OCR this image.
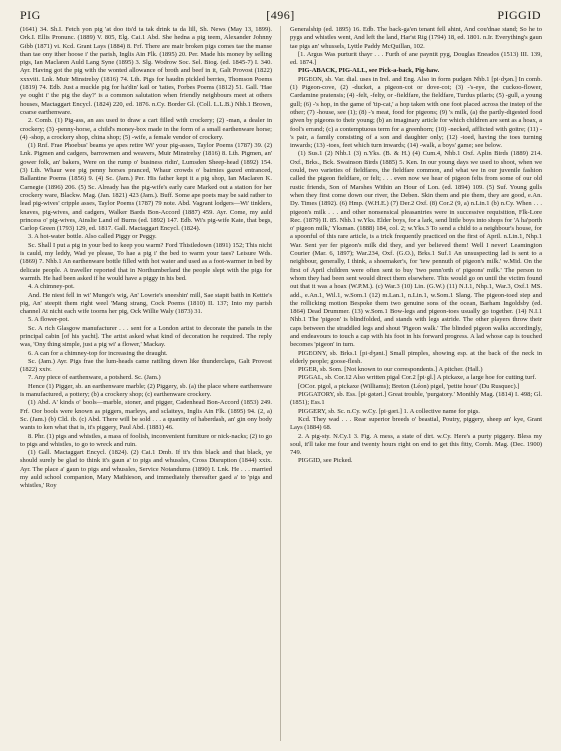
PIG	[496]	PIGGID

(1641) 34. Sh.I. Fetch yon pig 'at doo its'd ta tak drink ta da lill, Sh. News (May 13, 1899). Ork.I. Ellis Pronunc. (1889) V. 805, Elg. Cai.1 Abd. She hedna a pig teem, Alexander Johnny Gibb (1871) vi. Kcd. Grant Lays (1884) 8. Frf. There are mair broken pigs comes tae the manse than tae ony ither hoose i' the parish, Inglis Ain Flk. (1895) 20. Per. Made his money by selling pigs, Ian Maclaren Auld Lang Syne (1895) 3. Slg. Wodrow Soc. Sel. Biog. (ed. 1845-7) I. 340. Ayr. Having got the pig with the wonted allowance of broth and beef in it, Galt Provost (1822) xxxviii. Lnk. Muir Minstrelsy (1816) 74. Lth. Pigs for haudin pickled berries, Thomson Poems (1819) 74. Edb. Just a muckle pig for ha'din' kail or 'taties, Forbes Poems (1812) 51. Gall. 'Hae ye ought i' the pig the day?' is a common salutation when friendly neighbours meet at others houses, Mactaggart Encycl. (1824) 220, ed. 1876. n.Cy. Border Gl. (Coll. L.L.B.) Nhb.1 Brown, coarse earthenware.

2. Comb. (1) Pig-ass, an ass used to draw a cart filled with crockery; (2) -man, a dealer in crockery; (3) -penny-horse, a child's money-box made in the form of a small earthenware horse; (4) -shop, a crockery shop, china shop; (5) -wife, a female vendor of crockery.

(1) Rnf. Frae Phoebus' beams ye apes retire Wi' your pig-asses, Taylor Poems (1787) 39. (2) Lnk. Pigmen and cadgers, barrowmen and weavers, Muir Minstrelsy (1816) 8. Lth. Pigmen, an' gower folk, an' bakers, Were on the rump o' business ridin', Lumsden Sheep-head (1892) 154. (3) Lth. Whaur wee pig penny horses pranced, Whaur crowds o' bairnies gazed entranced, Ballantine Poems (1856) 9. (4) Sc. (Jam.) Per. His father kept it a pig shop, Ian Maclaren K. Carnegie (1896) 206. (5) Sc. Already has the pig-wife's early care Marked out a station for her crockery ware, Blackw. Mag. (Jan. 1821) 423 (Jam.). Buff. Some ape poets may be said rather to lead pig-wives' cripple asses, Taylor Poems (1787) 79 note. Abd. Vagrant lodgers—Wi' tinklers, knaves, pig-wives, and cadgers, Walker Bards Bon-Accord (1887) 459. Ayr. Come, my auld princess o' pig-wives, Ainslie Land of Burns (ed. 1892) 147. Edb. Wi's pig-wife Kate, that begs, Carlop Green (1793) 129, ed. 1817. Gall. Mactaggart Encycl. (1824).

3. A hot-water bottle. Also called Piggy or Peggy.

Sc. Shall I put a pig in your bed to keep you warm? Ford Thistledown (1891) 152; This nicht is cauld, my leddy, Wad ye please, To hae a pig i' the bed to warm your taes? Leisure Wds. (1869) 7. Nhb.1 An earthenware bottle filled with hot water and used as a foot-warmer in bed by delicate people. A traveller reported that in Northumberland the people slept with the pigs for warmth. He had been asked if he would have a piggy in his bed.

4. A chimney-pot.

And. He niest fell in wi' Mungo's wig, An' Lowrie's sneeshin' mill, Sae stapit baith in Kettie's pig, An' steepit them right weel 'Mang strang, Cock Poems (1810) II. 137; Into my parish channel At nicht each wife toorns her pig, Ock Willie Waly (1873) 31.

5. A flower-pot.

Sc. A rich Glasgow manufacturer . . . sent for a London artist to decorate the panels in the principal cabin [of his yacht]. The artist asked what kind of decoration he required. The reply was, 'Ony thing simple, just a pig wi' a flower,' Mackay.

6. A can for a chimney-top for increasing the draught.

Sc. (Jam.) Ayr. Pigs frae the lum-heads came rattling down like thunderclaps, Galt Provost (1822) xxiv.

7. Any piece of earthenware, a potsherd. Sc. (Jam.)

Hence (1) Pigger, sb. an earthenware marble; (2) Piggery, sb. (a) the place where earthenware is manufactured, a pottery; (b) a crockery shop; (c) earthenware crockery.

(1) Abd. A' kinds o' bools—marble, stoner, and pigger, Cadenhead Bon-Accord (1853) 249. Frf. Oor bools were known as piggers, marleys, and sclaiteys, Inglis Ain Flk. (1895) 94. (2, a) Sc. (Jam.) (b) Cld. ib. (c) Abd. There will be sold . . . a quantity of haberdash, an' gin ony body wants to ken what that is, it's piggery, Paul Abd. (1881) 46.

8. Phr. (1) pigs and whistles, a mass of foolish, inconvenient furniture or nick-nacks; (2) to go to pigs and whistles, to go to wreck and ruin.

(1) Gall. Mactaggart Encycl. (1824). (2) Cai.1 Dmb. If it's this black and that black, ye should surely be glad to think it's gaun a' to pigs and whussles, Cross Disruption (1844) xxix. Ayr. The place a' gaun to pigs and whussles, Service Notandums (1890) I. Lnk. He . . . married my auld school companion, Mary Mathieson, and immediately thereafter gaed a' to 'pigs and whistles,' Roy

Generalship (ed. 1895) 16. Edb. The back-ga'en tenant fell ahint, And cou'dnae stand; So he to pygs and whistles went, And left the land, Har'st Rig (1794) 18, ed. 1801. n.Ir. Everything's gaun tae pigs an' whussels, Lyttle Paddy McQuillan, 102.

[1. Argus Was purturit thayr . . . Furth of ane payntit pyg, Douglas Eneados (1513) III. 139, ed. 1874.]

PIG-ABACK, PIG-ALL, see Pick-a-back, Pig-haw.

PIGEON, sb. Var. dial. uses in Irel. and Eng. Also in form pudgen Nhb.1 [pi·dʒən.] In comb. (1) Pigeon-cove, (2) -ducket, a pigeon-cot or dove-cot; (3) -'s-eye, the cuckoo-flower, Cardamine pratensis; (4) -felt, -felty, or -fieldfare, the fieldfare, Turdus pilaris; (5) -gull, a young gull; (6) -'s hop, in the game of 'tip-cat,' a hop taken with one foot placed across the instep of the other; (7) -house, see (1); (8) -'s meat, food for pigeons; (9) 's milk, (a) the partly-digested food given by pigeons to their young; (b) an imaginary article for which children are sent as a hoax, a fool's errand; (c) a contemptuous term for a greenhorn; (10) -necked, afflicted with goitre; (11) -'s pair, a family consisting of a son and daughter only; (12) -toed, having the toes turning inwards; (13) -toes, feet which turn inwards; (14) -walk, a boys' game; see below.

(1) Sus.1 (2) Nhb.1 (3) n.Yks. (B. & H.) (4) Cum.4, Nhb.1 Oxf. Aplin Birds (1889) 214. Oxf., Brks., Bck. Swainson Birds (1885) 5. Ken. In our young days we used to shoot, when we could, two varieties of fieldfares, the fieldfare common, and what we in our juvenile fashion called the pigeon fieldfare, or felt; . . . even now we hear of pigeon felts from some of our old rustic friends, Son of Marshes Within an Hour of Lon. (ed. 1894) 109. (5) Suf. Young gulls when they first come down our river, the Deben. Skin them and pie them, they are good, e.An. Dy. Times (1892). (6) Hmp. (W.H.E.) (7) Der.2 Oxf. (8) Cor.2 (9, a) n.Lin.1 (b) n.Cy. When . . . pigeon's milk . . . and other nonsensical pleasantries were in successive requisition, Flk-Lore Rec. (1879) II. 85. Nhb.1 w.Yks. Elder boys, for a lark, send little boys into shops for 'A ha'porth o' pigeon milk,' Yksman. (1888) 184, col. 2; w.Yks.3 To send a child to a neighbour's house, for a spoonful of this rare article, is a trick frequently practiced on the first of April. n.Lin.1, Nhp.1 War. Sent yer fer pigeon's milk did they, and yer believed them! Well I never! Leamington Courier (Mar. 6, 1897); War.234, Oxf. (G.O.), Brks.1 Suf.1 An unsuspecting lad is sent to a neighbour, generally, I think, a shoemaker's, for 'tew pennuth of pigeon's milk.' w.Mid. On the first of April children were often sent to buy 'two penn'orth o' pigeons' milk.' The person to whom they had been sent would direct them elsewhere. This would go on until the victim found out that it was a hoax (W.P.M.). (c) War.3 (10) Lin. (G.W.) (11) N.I.1, Nhp.1, War.3, Oxf.1 MS. add., e.An.1, Wil.1, w.Som.1 (12) m.Lan.1, n.Lin.1, w.Som.1 Slang. The pigeon-toed step and the rollicking motion Bespoke them two genuine sons of the ocean, Barham Ingoldsby (ed. 1864) Dead Drummer. (13) w.Som.1 Bow-legs and pigeon-toes usually go together. (14) N.I.1 Nhb.1 The 'pigeon' is blindfolded, and stands with legs astride. The other players throw their caps between the straddled legs and shout 'Pigeon walk.' The blinded pigeon walks accordingly, and endeavours to touch a cap with his foot in his forward progress. A lad whose cap is touched becomes 'pigeon' in turn.

PIGEONY, sb. Brks.1 [pi·dʒəni.] Small pimples, showing esp. at the back of the neck in elderly people; goose-flesh.

PIGER, sb. Som. [Not known to our correspondents.] A pitcher. (Hall.)

PIGGAL, sb. Cor.12 Also written pigal Cor.2 [pi·gl.] A pickaxe, a large hoe for cutting turf.

[OCor. pigol, a pickaxe (Williams); Breton (Léon) pigel, 'petite houe' (Du Rusquec).]

PIGGATORY, sb. Ess. [pi·gətəri.] Great trouble, 'purgatory.' Monthly Mag. (1814) I. 498; Gl. (1851); Ess.1

PIGGERY, sb. Sc. n.Cy. w.Cy. [pi·gəri.] 1. A collective name for pigs.

Kcd. They wad . . . Rear superior breeds o' beastial, Poutry, piggery, sheep an' kye, Grant Lays (1884) 68.

2. A pig-sty. N.Cy.1 3. Fig. A mess, a state of dirt. w.Cy. Here's a purty piggery. Bless my soul, it'll take me four and twenty hours right on end to get this fitty, Cornh. Mag. (Dec. 1900) 749.

PIGGID, see Picked.
